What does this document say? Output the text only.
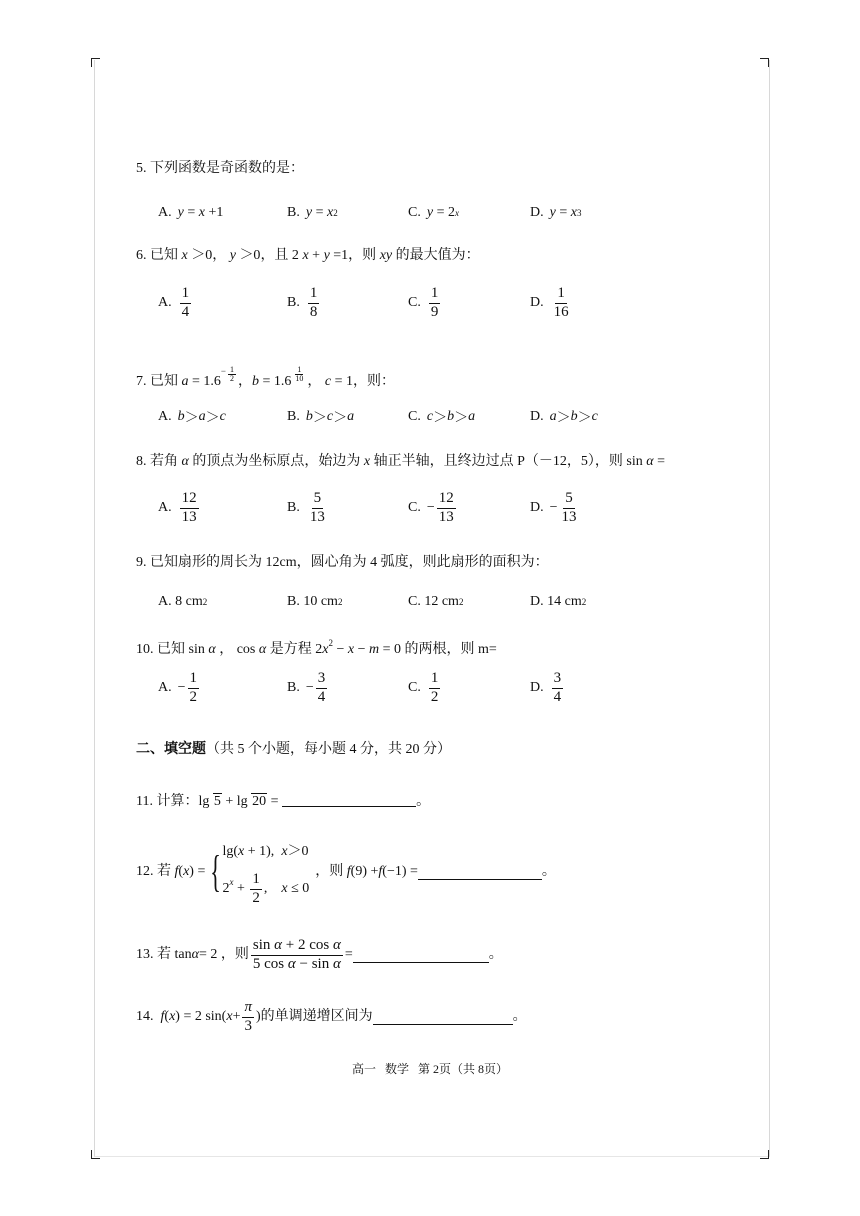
5. 下列函数是奇函数的是：
A. y = x +1	B. y = x 2	C. y = 2 x	D. y = x 3
6. 已知 x ＞0， y ＞0，且 2 x + y =1，则 xy 的最大值为：
A. $\frac{1}{4}$	B. $\frac{1}{8}$	C. $\frac{1}{9}$	D. $\frac{1}{16}$
7. 已知 $a = 1.6^- \frac{1}{2}$ ，$b = 1.6 \frac{1}{10}$ ， c = 1，则：
A. b ＞ a ＞ c	B. b ＞ c ＞ a	C. c ＞ b ＞ a	D. a ＞ b ＞ c
8. 若角 α 的顶点为坐标原点，始边为 x 轴正半轴，且终边过点 P（－12，5），则 sin α =
A. $\frac{12}{13}$	B. $\frac{5}{13}$	C. − $\frac{12}{13}$	D. − $\frac{5}{13}$
9. 已知扇形的周长为 12cm，圆心角为 4 弧度，则此扇形的面积为：
A. 8 cm 2	B. 10 cm 2	C. 12 cm 2	D. 14 cm 2
10. 已知 sin α ， cos α 是方程 $2x^2 - x - m = 0$ 的两根，则 m=
A. − $\frac{1}{2}$	B. − $\frac{3}{4}$	C. $\frac{1}{2}$	D. $\frac{3}{4}$
二、填空题（共 5 个小题，每小题 4 分，共 20 分）
11. 计算：lg 5 + lg 20 =	。
12. 若
f ( x ) = { lg(x + 1),  x＞0
$2^x + \frac{1}{2}$ ,    x ≤ 0
，则
f (9) + f (−1) =	。
13. 若 tan α = 2 ，则 $\frac{\text{sin α + 2 cos α}}{\text{5 cos α − sin α}}$ =	。
14.
f ( x ) = 2 sin( $x + \frac{\pi}{3}$ ) 的单调递增区间为	。
高一   数学   第 2页（共 8页）
